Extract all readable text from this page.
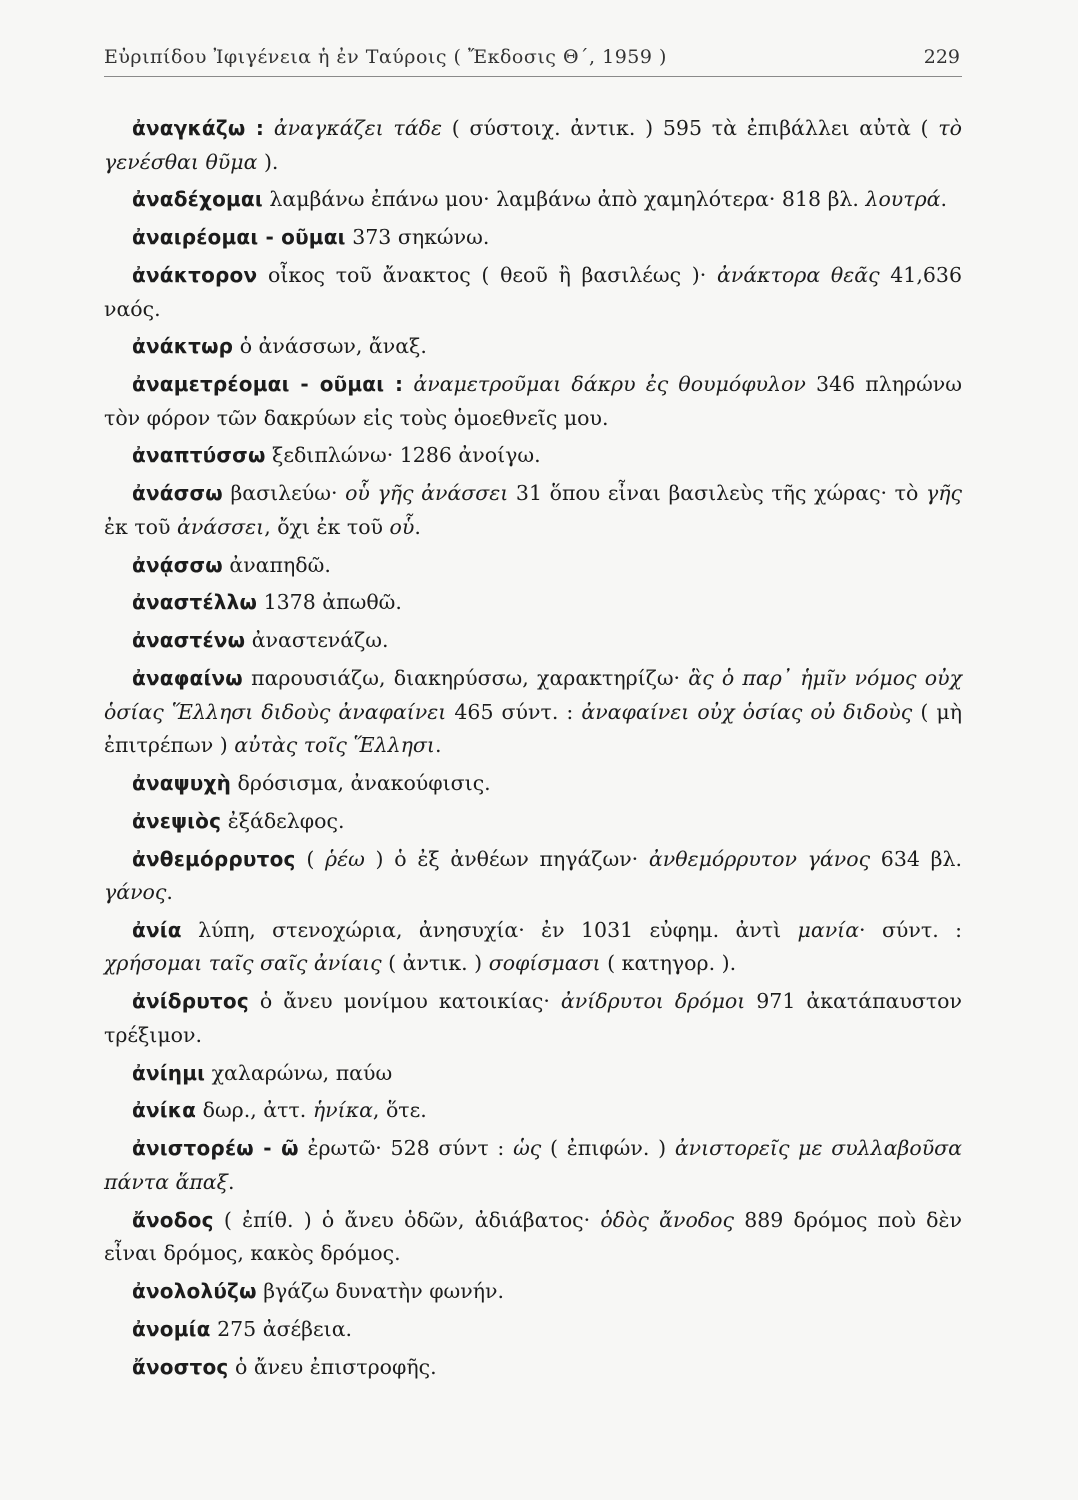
Εὐριπίδου Ἰφιγένεια ἡ ἐν Ταύροις ( Ἔκδοσις Θ΄, 1959 )	229

ἀναγκάζω : ἀναγκάζει τάδε ( σύστοιχ. ἀντικ. ) 595 τὰ ἐπιβάλλει αὐτὰ ( τὸ γενέσθαι θῦμα ).

ἀναδέχομαι λαμβάνω ἐπάνω μου· λαμβάνω ἀπὸ χαμηλότερα· 818 βλ. λουτρά.

ἀναιρέομαι - οῦμαι 373 σηκώνω.

ἀνάκτορον οἶκος τοῦ ἄνακτος ( θεοῦ ἢ βασιλέως )· ἀνάκτορα θεᾶς 41,636 ναός.

ἀνάκτωρ ὁ ἀνάσσων, ἄναξ.

ἀναμετρέομαι - οῦμαι : ἀναμετροῦμαι δάκρυ ἐς θουμόφυλον 346 πληρώνω τὸν φόρον τῶν δακρύων εἰς τοὺς ὁμοεθνεῖς μου.

ἀναπτύσσω ξεδιπλώνω· 1286 ἀνοίγω.

ἀνάσσω βασιλεύω· οὗ γῆς ἀνάσσει 31 ὅπου εἶναι βασιλεὺς τῆς χώρας· τὸ γῆς ἐκ τοῦ ἀνάσσει, ὄχι ἐκ τοῦ οὗ.

ἀνᾴσσω ἀναπηδῶ.

ἀναστέλλω 1378 ἀπωθῶ.

ἀναστένω ἀναστενάζω.

ἀναφαίνω παρουσιάζω, διακηρύσσω, χαρακτηρίζω· ἃς ὁ παρ᾿ ἡμῖν νόμος οὐχ ὁσίας Ἕλλησι διδοὺς ἀναφαίνει 465 σύντ. : ἀναφαίνει οὐχ ὁσίας οὐ διδοὺς ( μὴ ἐπιτρέπων ) αὐτὰς τοῖς Ἕλλησι.

ἀναψυχὴ δρόσισμα, ἀνακούφισις.

ἀνεψιὸς ἐξάδελφος.

ἀνθεμόρρυτος ( ῥέω ) ὁ ἐξ ἀνθέων πηγάζων· ἀνθεμόρρυτον γάνος 634 βλ. γάνος.

ἀνία λύπη, στενοχώρια, ἀνησυχία· ἐν 1031 εὐφημ. ἀντὶ μανία· σύντ. : χρήσομαι ταῖς σαῖς ἀνίαις ( ἀντικ. ) σοφίσμασι ( κατηγορ. ).

ἀνίδρυτος ὁ ἄνευ μονίμου κατοικίας· ἀνίδρυτοι δρόμοι 971 ἀκατάπαυστον τρέξιμον.

ἀνίημι χαλαρώνω, παύω

ἀνίκα δωρ., ἀττ. ἡνίκα, ὅτε.

ἀνιστορέω - ῶ ἐρωτῶ· 528 σύντ : ὡς ( ἐπιφών. ) ἀνιστορεῖς με συλλαβοῦσα πάντα ἅπαξ.

ἄνοδος ( ἐπίθ. ) ὁ ἄνευ ὁδῶν, ἀδιάβατος· ὁδὸς ἄνοδος 889 δρόμος ποὺ δὲν εἶναι δρόμος, κακὸς δρόμος.

ἀνολολύζω βγάζω δυνατὴν φωνήν.

ἀνομία 275 ἀσέβεια.

ἄνοστος ὁ ἄνευ ἐπιστροφῆς.
